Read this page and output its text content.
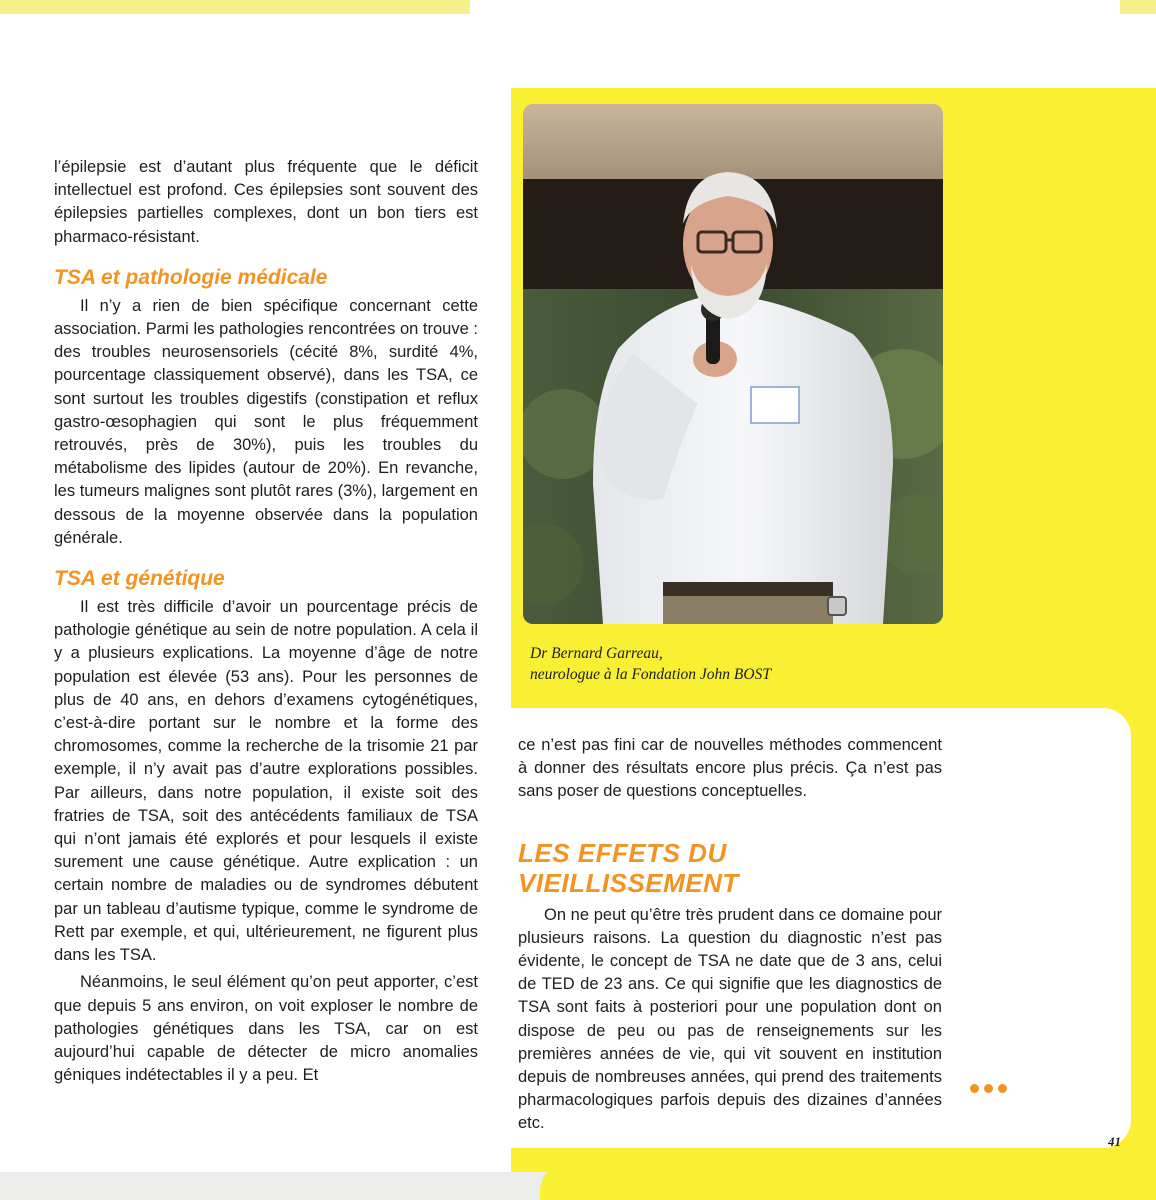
l’épilepsie est d’autant plus fréquente que le déficit intellectuel est profond. Ces épilepsies sont souvent des épilepsies partielles complexes, dont un bon tiers est pharmaco-résistant.

TSA et pathologie médicale

Il n’y a rien de bien spécifique concernant cette association. Parmi les pathologies rencontrées on trouve : des troubles neurosensoriels (cécité 8%, surdité 4%, pourcentage classiquement observé), dans les TSA, ce sont surtout les troubles digestifs (constipation et reflux gastro-œsophagien qui sont le plus fréquemment retrouvés, près de 30%), puis les troubles du métabolisme des lipides (autour de 20%). En revanche, les tumeurs malignes sont plutôt rares (3%), largement en dessous de la moyenne observée dans la population générale.

TSA et génétique

Il est très difficile d’avoir un pourcentage précis de pathologie génétique au sein de notre population. A cela il y a plusieurs explications. La moyenne d’âge de notre population est élevée (53 ans). Pour les personnes de plus de 40 ans, en dehors d’examens cytogénétiques, c’est-à-dire portant sur le nombre et la forme des chromosomes, comme la recherche de la trisomie 21 par exemple, il n’y avait pas d’autre explorations possibles. Par ailleurs, dans notre population, il existe soit des fratries de TSA, soit des antécédents familiaux de TSA qui n’ont jamais été explorés et pour lesquels il existe surement une cause génétique. Autre explication : un certain nombre de maladies ou de syndromes débutent par un tableau d’autisme typique, comme le syndrome de Rett par exemple, et qui, ultérieurement, ne figurent plus dans les TSA.

Néanmoins, le seul élément qu’on peut apporter, c’est que depuis 5 ans environ, on voit exploser le nombre de pathologies génétiques dans les TSA, car on est aujourd’hui capable de détecter de micro anomalies géniques indétectables il y a peu. Et

Dr Bernard Garreau,
neurologue à la Fondation John BOST

ce n’est pas fini car de nouvelles méthodes commencent à donner des résultats encore plus précis. Ça n’est pas sans poser de questions conceptuelles.

LES EFFETS DU VIEILLISSEMENT

On ne peut qu’être très prudent dans ce domaine pour plusieurs raisons. La question du diagnostic n’est pas évidente, le concept de TSA ne date que de 3 ans, celui de TED de 23 ans. Ce qui signifie que les diagnostics de TSA sont faits à posteriori pour une population dont on dispose de peu ou pas de renseignements sur les premières années de vie, qui vit souvent en institution depuis de nombreuses années, qui prend des traitements pharmacologiques parfois depuis des dizaines d’années etc.

41
